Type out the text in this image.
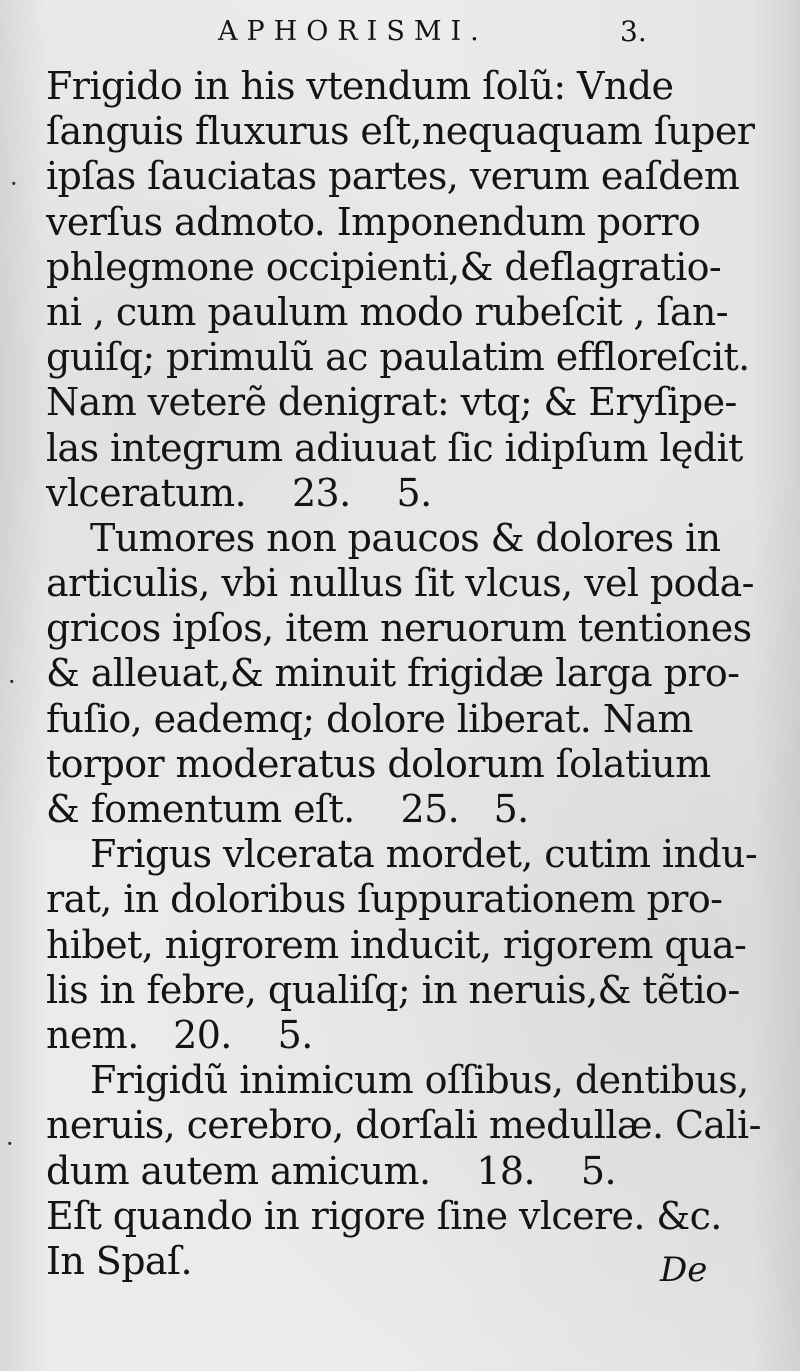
APHORISMI.	3.
Frigido in his vtendum ſolũ: Vnde
ſanguis fluxurus eſt,nequaquam ſuper
ipſas ſauciatas partes, verum eaſdem
verſus admoto. Imponendum porro
phlegmone occipienti,& deflagratio-
ni , cum paulum modo rubeſcit , ſan-
guiſq; primulũ ac paulatim effloreſcit.
Nam veterẽ denigrat: vtq; & Eryſipe-
las integrum adiuuat ſic idipſum lędit
vlceratum.    23.    5.
Tumores non paucos & dolores in
articulis, vbi nullus ſit vlcus, vel poda-
gricos ipſos, item neruorum tentiones
& alleuat,& minuit frigidæ larga pro-
fuſio, eademq; dolore liberat. Nam
torpor moderatus dolorum ſolatium
& fomentum eſt.    25.   5.
Frigus vlcerata mordet, cutim indu-
rat, in doloribus ſuppurationem pro-
hibet, nigrorem inducit, rigorem qua-
lis in febre, qualiſq; in neruis,& tẽtio-
nem.   20.    5.
Frigidũ inimicum oſſibus, dentibus,
neruis, cerebro, dorſali medullæ. Cali-
dum autem amicum.    18.    5.
Eſt quando in rigore ſine vlcere. &c.
In Spaſ.	De
·
·
·
